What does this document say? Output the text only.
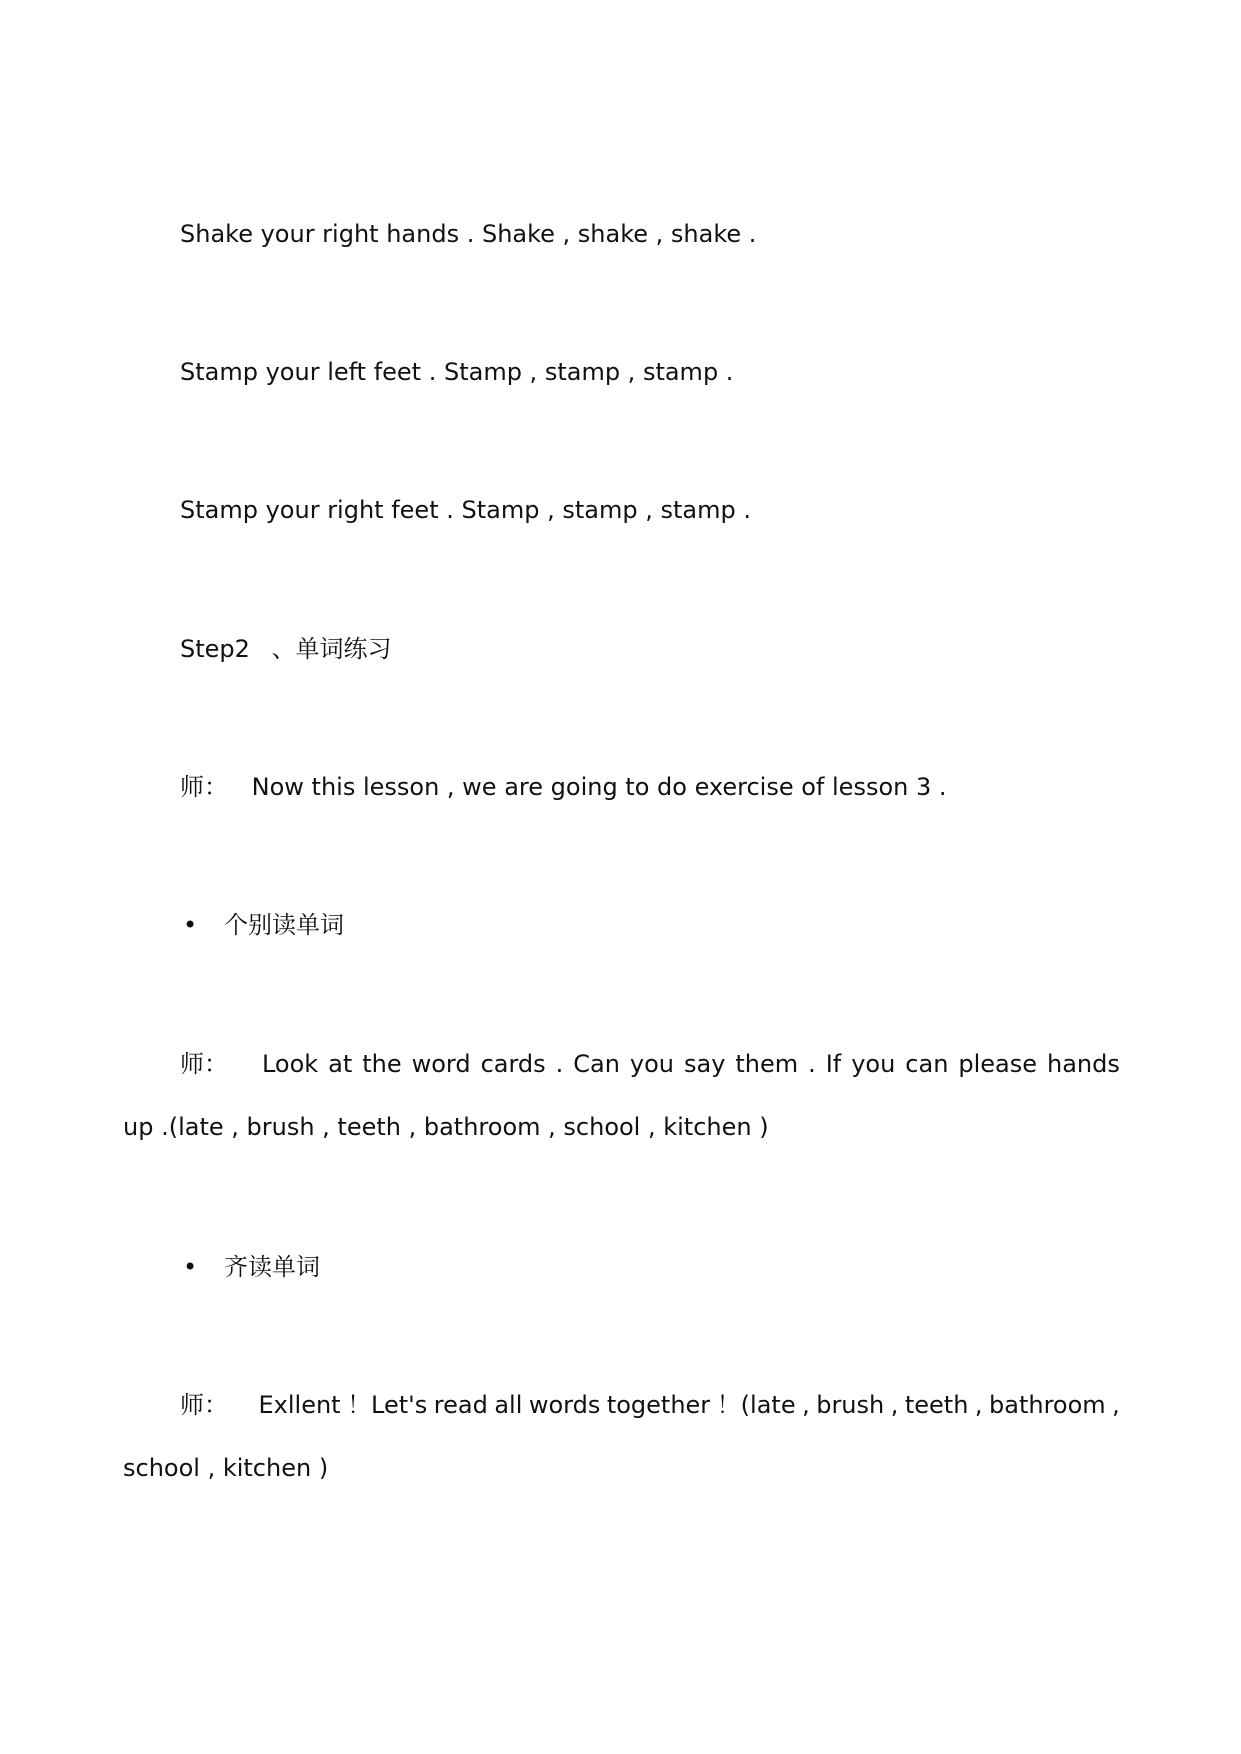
Shake your right hands . Shake , shake , shake .
Stamp your left feet . Stamp , stamp , stamp .
Stamp your right feet . Stamp , stamp , stamp .
Step2 、单词练习
师： Now this lesson , we are going to do exercise of lesson 3 .
• 个别读单词
师： Look at the word cards . Can you say them . If you can please hands
up .(late , brush , teeth , bathroom , school , kitchen )
• 齐读单词
师： Exllent ！Let's read all words together ！(late , brush , teeth , bathroom ,
school , kitchen )
